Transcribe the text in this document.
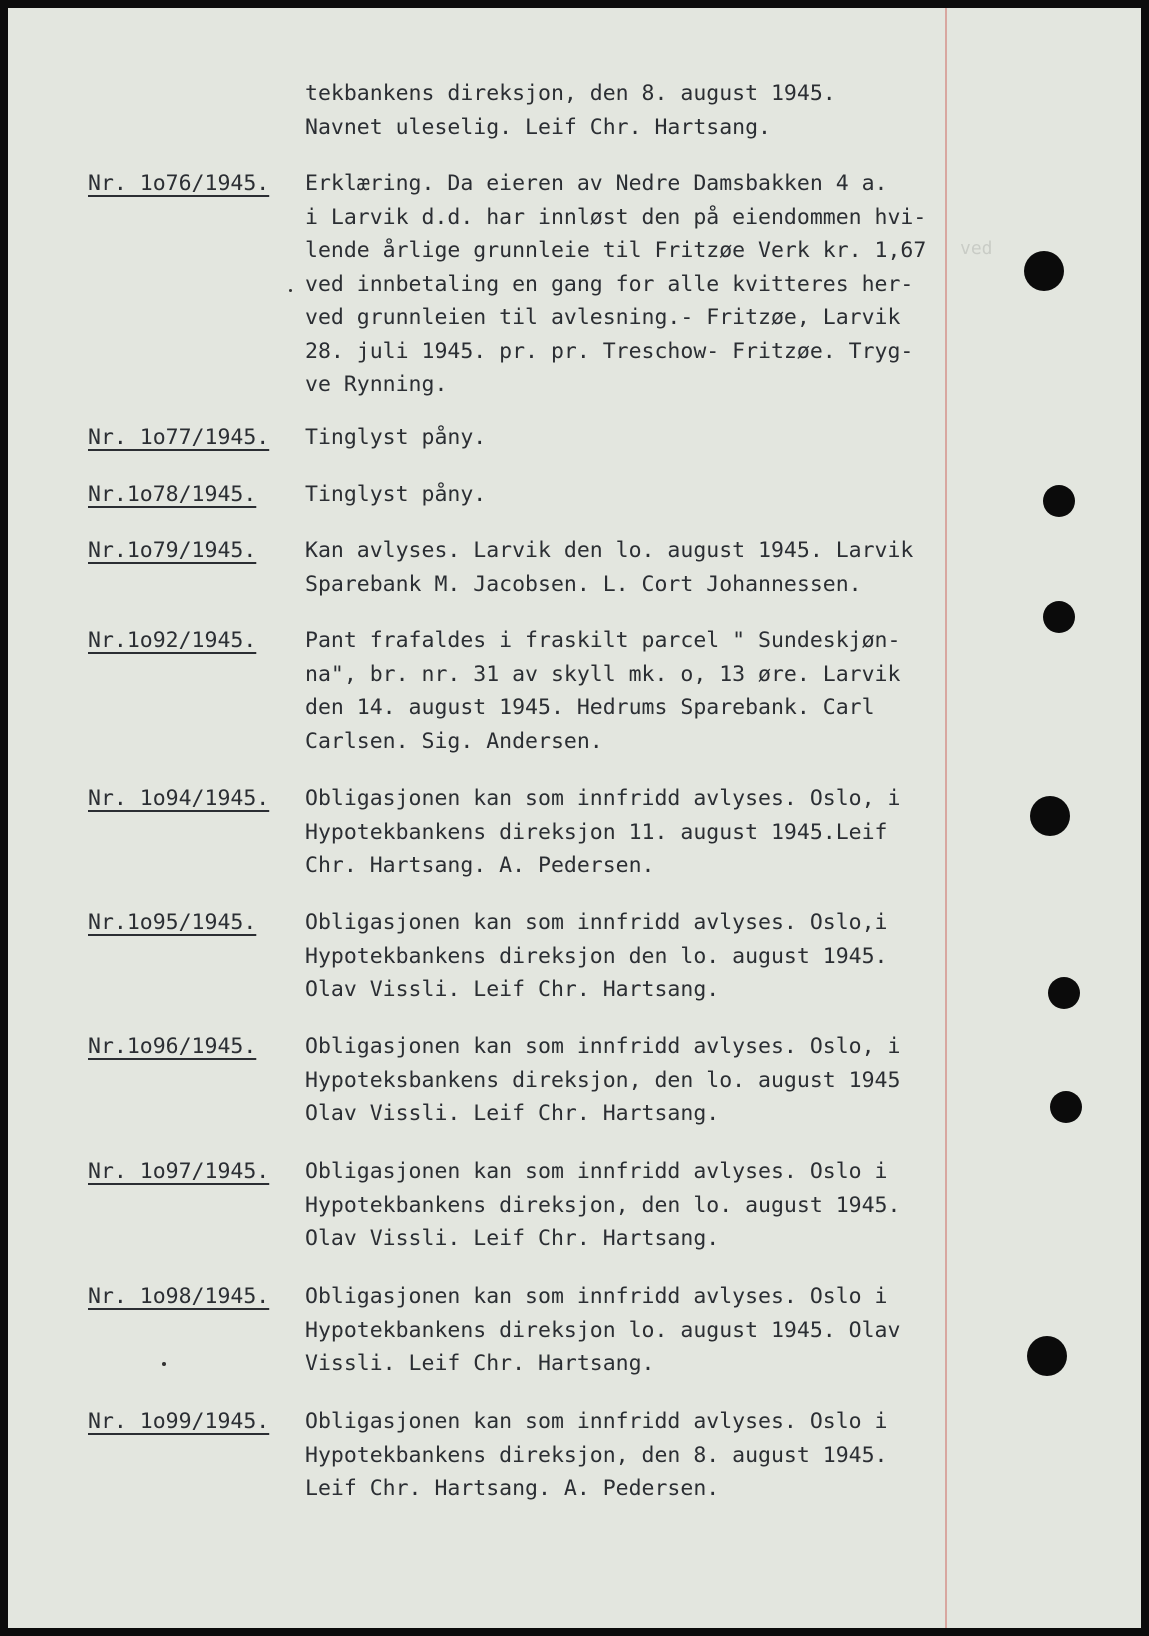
ved
tekbankens direksjon, den 8. august 1945.
Navnet uleselig. Leif Chr. Hartsang.
Nr. 1o76/1945. Erklæring. Da eieren av Nedre Damsbakken 4 a.
i Larvik d.d. har innløst den på eiendommen hvi-
lende årlige grunnleie til Fritzøe Verk kr. 1,67
ved innbetaling en gang for alle kvitteres her-
ved grunnleien til avlesning.- Fritzøe, Larvik
28. juli 1945. pr. pr. Treschow- Fritzøe. Tryg-
ve Rynning.
Nr. 1o77/1945. Tinglyst påny.
Nr.1o78/1945. Tinglyst påny.
Nr.1o79/1945. Kan avlyses. Larvik den lo. august 1945. Larvik
Sparebank M. Jacobsen. L. Cort Johannessen.
Nr.1o92/1945. Pant frafaldes i fraskilt parcel " Sundeskjøn-
na", br. nr. 31 av skyll mk. o, 13 øre. Larvik
den 14. august 1945. Hedrums Sparebank. Carl
Carlsen. Sig. Andersen.
Nr. 1o94/1945. Obligasjonen kan som innfridd avlyses. Oslo, i
Hypotekbankens direksjon 11. august 1945.Leif
Chr. Hartsang. A. Pedersen.
Nr.1o95/1945. Obligasjonen kan som innfridd avlyses. Oslo,i
Hypotekbankens direksjon den lo. august 1945.
Olav Vissli. Leif Chr. Hartsang.
Nr.1o96/1945. Obligasjonen kan som innfridd avlyses. Oslo, i
Hypoteksbankens direksjon, den lo. august 1945
Olav Vissli. Leif Chr. Hartsang.
Nr. 1o97/1945. Obligasjonen kan som innfridd avlyses. Oslo i
Hypotekbankens direksjon, den lo. august 1945.
Olav Vissli. Leif Chr. Hartsang.
Nr. 1o98/1945. Obligasjonen kan som innfridd avlyses. Oslo i
Hypotekbankens direksjon lo. august 1945. Olav
Vissli. Leif Chr. Hartsang.
Nr. 1o99/1945. Obligasjonen kan som innfridd avlyses. Oslo i
Hypotekbankens direksjon, den 8. august 1945.
Leif Chr. Hartsang. A. Pedersen.
